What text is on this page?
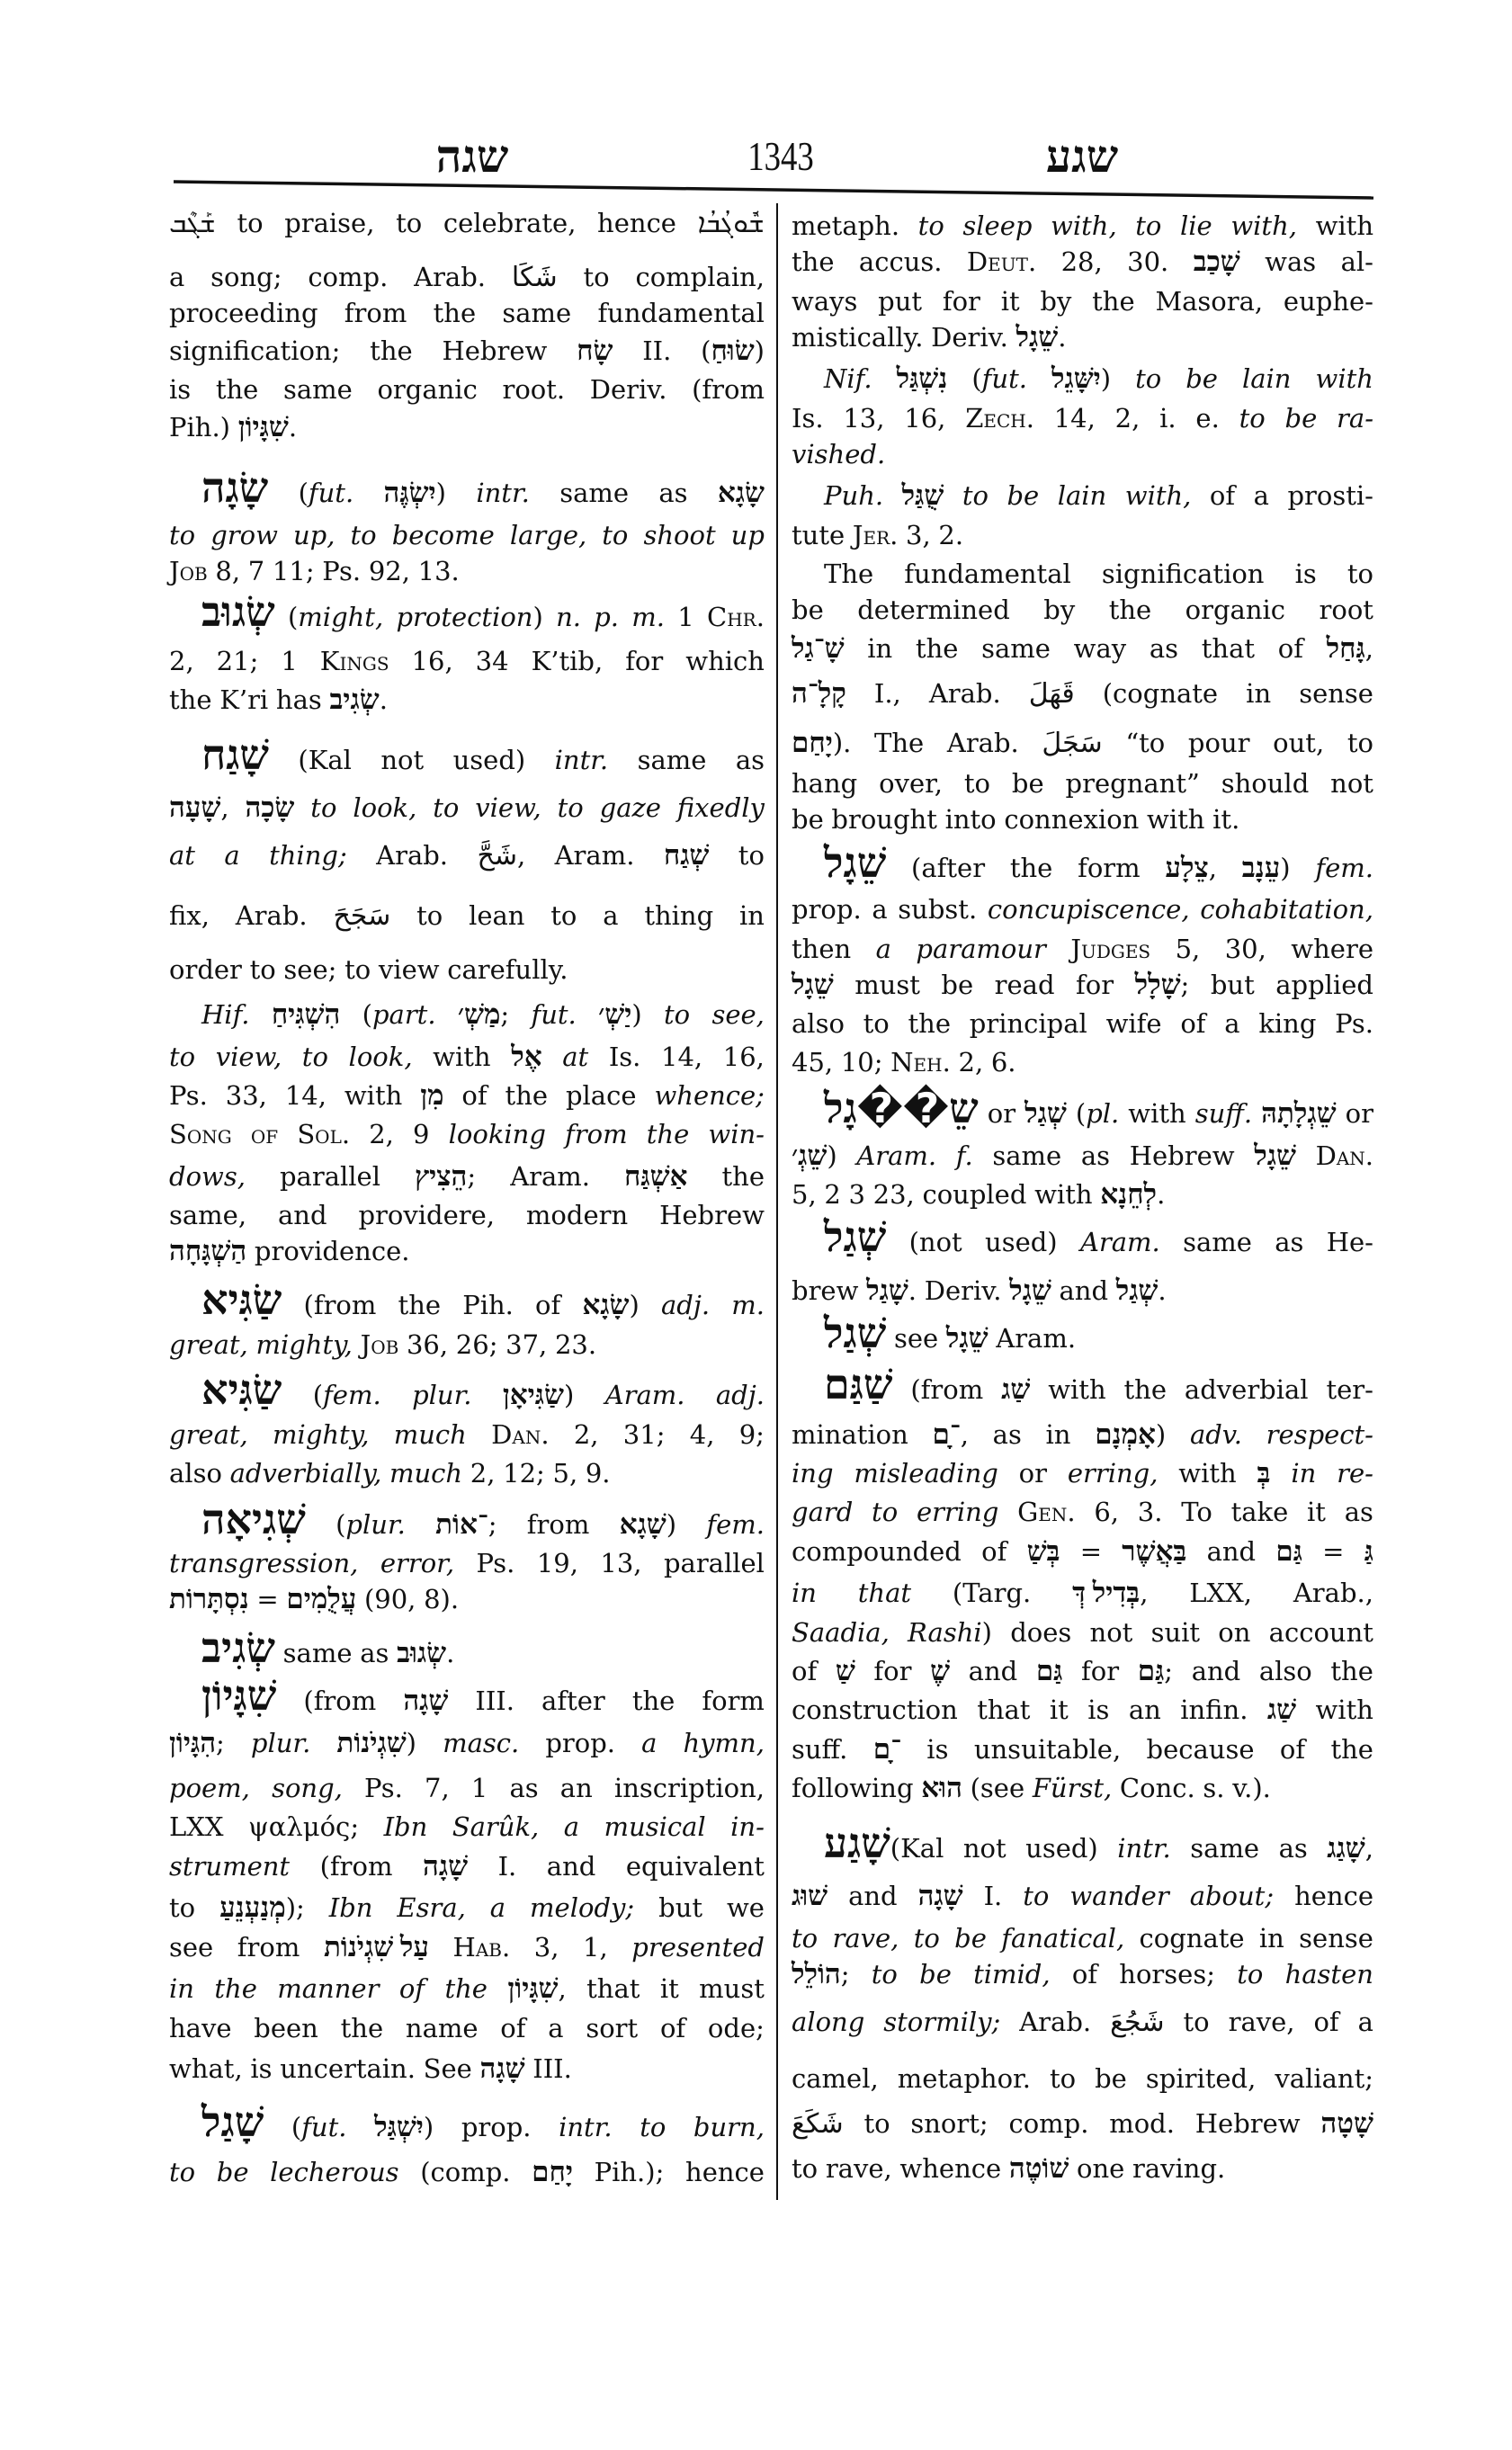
שגה	1343	שגע
ܫܰܓܶܒ to praise, to celebrate, hence ܫܽܘܓܳܒܳܐ
a song; comp. Arab. شَكَا to complain,
proceeding from the same fundamental
signification; the Hebrew שָׂח II. (שׂוּחַ)
is the same organic root. Deriv. (from
Pih.) שִׁגָּיוֹן.
שָׂגָה (fut. יִשְׂגֶּה) intr. same as שָׂגָא
to grow up, to become large, to shoot up
Job 8, 7 11; Ps. 92, 13.
שְׂגוּב (might, protection) n. p. m. 1 Chr.
2, 21; 1 Kings 16, 34 K’tib, for which
the K’ri has שְׂגִיב.
שָׁגַח (Kal not used) intr. same as
שָׁעָה, שָׂכָה to look, to view, to gaze fixedly
at a thing; Arab. شَحَّ, Aram. שְׁגַח to
fix, Arab. سَجَحَ to lean to a thing in
order to see; to view carefully.
Hif. הִשְׁגִּיחַ (part. מַשְׁ׳; fut. יַשְׁ׳) to see,
to view, to look, with אֶל at Is. 14, 16,
Ps. 33, 14, with מִן of the place whence;
Song of Sol. 2, 9 looking from the win-
dows, parallel הֵצִיץ; Aram. אַשְׁגַּח the
same, and providere, modern Hebrew
הַשְׁגָּחָה providence.
שַׂגִּיא (from the Pih. of שָׂגָא) adj. m.
great, mighty, Job 36, 26; 37, 23.
שַׂגִּיא (fem. plur. שַׂגִּיאָן) Aram. adj.
great, mighty, much Dan. 2, 31; 4, 9;
also adverbially, much 2, 12; 5, 9.
שְׁגִיאָה (plur. ־אוֹת; from שָׁגָא) fem.
transgression, error, Ps. 19, 13, parallel
נִסְתָּרוֹת = עֲלֻמִים (90, 8).
שְׂגִיב same as שְׂגוּב.
שִׁגָּיוֹן (from שָׁגָה III. after the form
הִגָּיוֹן; plur. שִׁגְיֹנוֹת) masc. prop. a hymn,
poem, song, Ps. 7, 1 as an inscription,
LXX ψαλμός; Ibn Sarûk, a musical in-
strument (from שָׁגָה I. and equivalent
to מְנַעְנֵעַ); Ibn Esra, a melody; but we
see from עַל שִׁגְיֹנוֹת Hab. 3, 1, presented
in the manner of the שִׁגָּיוֹן, that it must
have been the name of a sort of ode;
what, is uncertain. See שָׁגָה III.
שָׁגַל (fut. יִשְׁגַּל) prop. intr. to burn,
to be lecherous (comp. יָחַם Pih.); hence
metaph. to sleep with, to lie with, with
the accus. Deut. 28, 30. שָׁכַב was al-
ways put for it by the Masora, euphe-
mistically. Deriv. שֵׁגָל.
Nif. נִשְׁגַּל (fut. יִשָּׁגֵל) to be lain with
Is. 13, 16, Zech. 14, 2, i. e. to be ra-
vished.
Puh. שֻׁגַּל to be lain with, of a prosti-
tute Jer. 3, 2.
The fundamental signification is to
be determined by the organic root
שָׁ־גַל in the same way as that of גָּחַל,
קָלָ־ה I., Arab. قَهَلَ (cognate in sense
יָחַם). The Arab. سَجَلَ “to pour out, to
hang over, to be pregnant” should not
be brought into connexion with it.
שֵׁגָל (after the form צֵלָע, עֵנָב) fem.
prop. a subst. concupiscence, cohabitation,
then a paramour Judges 5, 30, where
שֵׁגָל must be read for שָׁלָל; but applied
also to the principal wife of a king Ps.
45, 10; Neh. 2, 6.
שֵ��גָל or שְׁגַל (pl. with suff. שֵׁגְלָתָהּ or
שֵׁגְ׳) Aram. f. same as Hebrew שֵׁגָל Dan.
5, 2 3 23, coupled with לְחֵנָא.
שְׁגַל (not used) Aram. same as He-
brew שָׁגַל. Deriv. שֵׁגָל and שְׁגַל.
שְׁגַל see שֵׁגָל Aram.
שַׁגַּם (from שַׁג with the adverbial ter-
mination ־ָם, as in אָמְנָם) adv. respect-
ing misleading or erring, with בְּ in re-
gard to erring Gen. 6, 3. To take it as
compounded of בְּשַׁ = בַּאֲשֶׁר and גַּם = גַּ
in that (Targ. בְּדִיל דְּ, LXX, Arab.,
Saadia, Rashi) does not suit on account
of שַׁ for שֶׁ and גַּם for גַּם; and also the
construction that it is an infin. שַׁג with
suff. ־ָם is unsuitable, because of the
following הוּא (see Fürst, Conc. s. v.).
שָׁגַע(Kal not used) intr. same as שָׁגַג,
שׁוּג and שָׁגָה I. to wander about; hence
to rave, to be fanatical, cognate in sense
הוֹלֵל; to be timid, of horses; to hasten
along stormily; Arab. شَجُعَ to rave, of a
camel, metaphor. to be spirited, valiant;
شَكَعَ to snort; comp. mod. Hebrew שָׁטָה
to rave, whence שׁוֹטֶה one raving.
